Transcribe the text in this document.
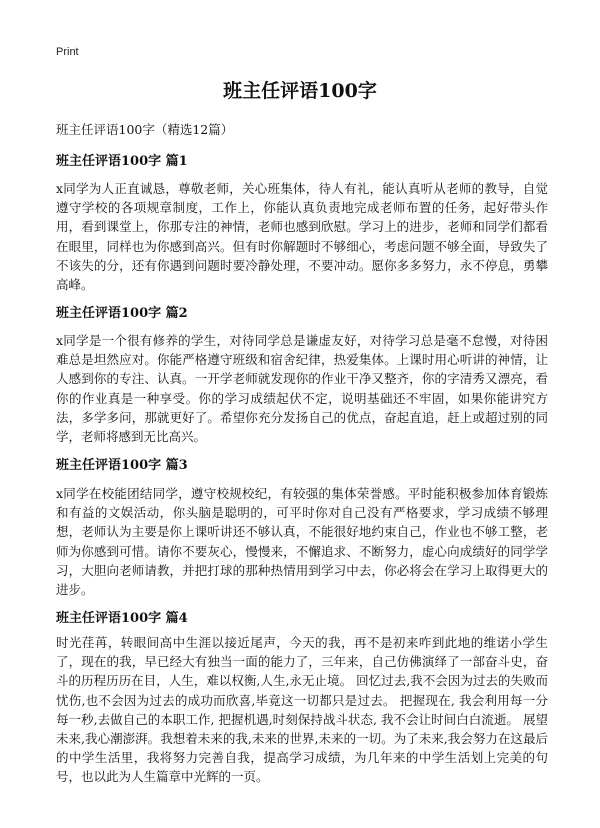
Print
班主任评语100字
班主任评语100字（精选12篇）
班主任评语100字 篇1

x同学为人正直诚恳，尊敬老师，关心班集体，待人有礼，能认真听从老师的教导，自觉遵守学校的各项规章制度，工作上，你能认真负责地完成老师布置的任务，起好带头作用，看到课堂上，你那专注的神情，老师也感到欣慰。学习上的进步，老师和同学们都看在眼里，同样也为你感到高兴。但有时你解题时不够细心，考虑问题不够全面，导致失了不该失的分，还有你遇到问题时要冷静处理，不要冲动。愿你多多努力，永不停息，勇攀高峰。

班主任评语100字 篇2

x同学是一个很有修养的学生，对待同学总是谦虚友好，对待学习总是毫不怠慢，对待困难总是坦然应对。你能严格遵守班级和宿舍纪律，热爱集体。上课时用心听讲的神情，让人感到你的专注、认真。一开学老师就发现你的作业干净又整齐，你的字清秀又漂亮，看你的作业真是一种享受。你的学习成绩起伏不定，说明基础还不牢固，如果你能讲究方法，多学多问，那就更好了。希望你充分发扬自己的优点，奋起直追，赶上或超过别的同学，老师将感到无比高兴。

班主任评语100字 篇3

x同学在校能团结同学，遵守校规校纪，有较强的集体荣誉感。平时能积极参加体育锻炼和有益的文娱活动，你头脑是聪明的，可平时你对自己没有严格要求，学习成绩不够理想，老师认为主要是你上课听讲还不够认真，不能很好地约束自己，作业也不够工整，老师为你感到可惜。请你不要灰心，慢慢来，不懈追求、不断努力，虚心向成绩好的同学学习，大胆向老师请教，并把打球的那种热情用到学习中去，你必将会在学习上取得更大的进步。

班主任评语100字 篇4

时光荏苒，转眼间高中生涯以接近尾声，今天的我，再不是初来咋到此地的维诺小学生了，现在的我，早已经大有独当一面的能力了，三年来，自己仿佛演绎了一部奋斗史，奋斗的历程历历在目，人生，难以权衡,人生,永无止境。 回忆过去,我不会因为过去的失败而忧伤,也不会因为过去的成功而欣喜,毕竟这一切都只是过去。 把握现在, 我会利用每一分每一秒,去做自己的本职工作, 把握机遇,时刻保持战斗状态, 我不会让时间白白流逝。 展望未来,我心潮澎湃。我想着未来的我,未来的世界,未来的一切。为了未来,我会努力在这最后的中学生活里，我将努力完善自我，提高学习成绩，为几年来的中学生活划上完美的句号，也以此为人生篇章中光辉的一页。
